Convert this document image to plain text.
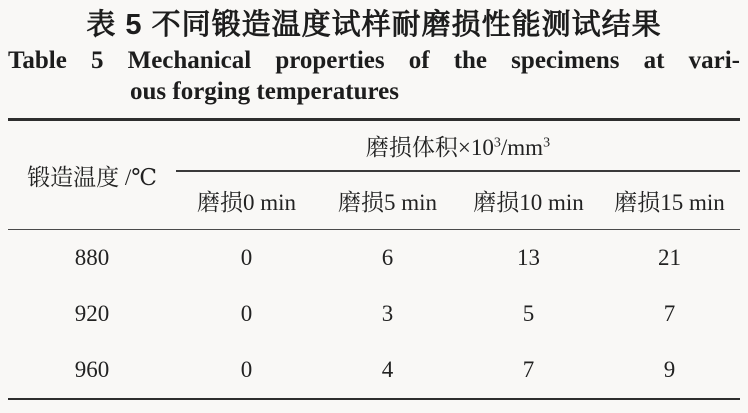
表 5 不同锻造温度试样耐磨损性能测试结果
Table 5 Mechanical properties of the specimens at vari-
ous forging temperatures
锻造温度 /℃	磨损体积$\times 10^3/mm^3$
	磨损0 min	磨损5 min	磨损10 min	磨损15 min
880	0	6	13	21
920	0	3	5	7
960	0	4	7	9
